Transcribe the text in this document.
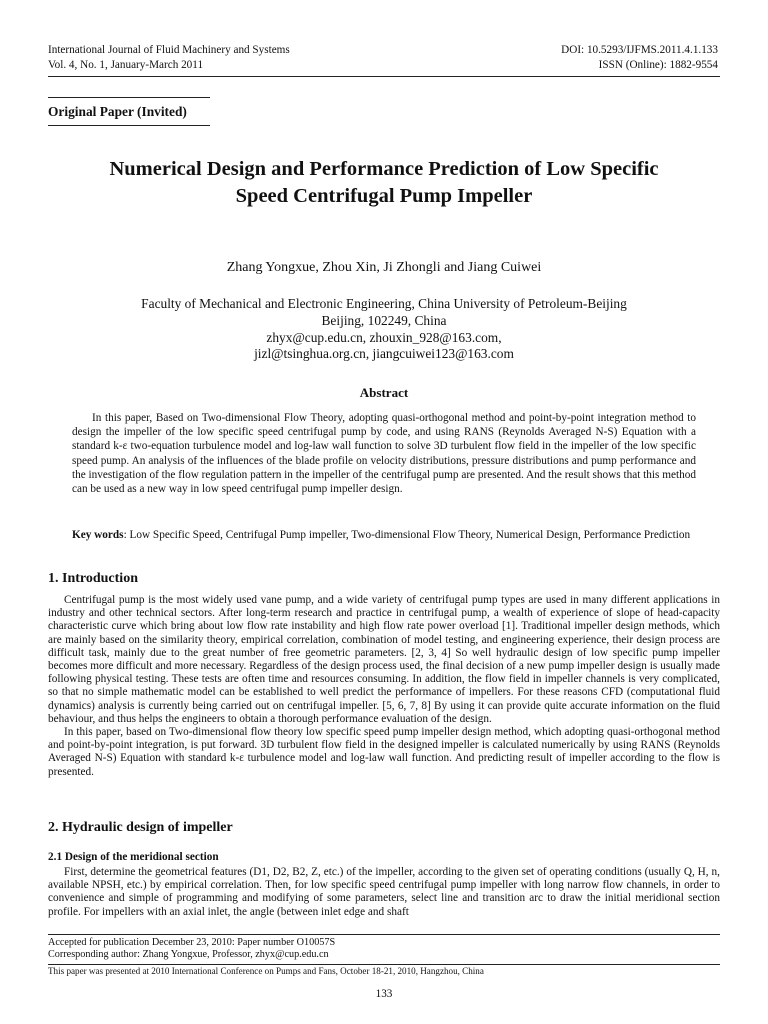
International Journal of Fluid Machinery and Systems
Vol. 4, No. 1, January-March 2011
DOI: 10.5293/IJFMS.2011.4.1.133
ISSN (Online): 1882-9554
Original Paper (Invited)
Numerical Design and Performance Prediction of Low Specific
Speed Centrifugal Pump Impeller
Zhang Yongxue, Zhou Xin, Ji Zhongli and Jiang Cuiwei
Faculty of Mechanical and Electronic Engineering, China University of Petroleum-Beijing
Beijing, 102249, China
zhyx@cup.edu.cn, zhouxin_928@163.com,
jizl@tsinghua.org.cn, jiangcuiwei123@163.com
Abstract
In this paper, Based on Two-dimensional Flow Theory, adopting quasi-orthogonal method and point-by-point integration method to design the impeller of the low specific speed centrifugal pump by code, and using RANS (Reynolds Averaged N-S) Equation with a standard k-ε two-equation turbulence model and log-law wall function to solve 3D turbulent flow field in the impeller of the low specific speed pump. An analysis of the influences of the blade profile on velocity distributions, pressure distributions and pump performance and the investigation of the flow regulation pattern in the impeller of the centrifugal pump are presented. And the result shows that this method can be used as a new way in low speed centrifugal pump impeller design.
Key words: Low Specific Speed, Centrifugal Pump impeller, Two-dimensional Flow Theory, Numerical Design, Performance Prediction
1. Introduction

Centrifugal pump is the most widely used vane pump, and a wide variety of centrifugal pump types are used in many different applications in industry and other technical sectors. After long-term research and practice in centrifugal pump, a wealth of experience of slope of head-capacity characteristic curve which bring about low flow rate instability and high flow rate power overload [1]. Traditional impeller design methods, which are mainly based on the similarity theory, empirical correlation, combination of model testing, and engineering experience, their design process are difficult task, mainly due to the great number of free geometric parameters. [2, 3, 4] So well hydraulic design of low specific pump impeller becomes more difficult and more necessary. Regardless of the design process used, the final decision of a new pump impeller design is usually made following physical testing. These tests are often time and resources consuming. In addition, the flow field in impeller channels is very complicated, so that no simple mathematic model can be established to well predict the performance of impellers. For these reasons CFD (computational fluid dynamics) analysis is currently being carried out on centrifugal impeller. [5, 6, 7, 8] By using it can provide quite accurate information on the fluid behaviour, and thus helps the engineers to obtain a thorough performance evaluation of the design.

In this paper, based on Two-dimensional flow theory low specific speed pump impeller design method, which adopting quasi-orthogonal method and point-by-point integration, is put forward. 3D turbulent flow field in the designed impeller is calculated numerically by using RANS (Reynolds Averaged N-S) Equation with standard k-ε turbulence model and log-law wall function. And predicting result of impeller according to the flow is presented.

2. Hydraulic design of impeller
2.1 Design of the meridional section

First, determine the geometrical features (D1, D2, B2, Z, etc.) of the impeller, according to the given set of operating conditions (usually Q, H, n, available NPSH, etc.) by empirical correlation. Then, for low specific speed centrifugal pump impeller with long narrow flow channels, in order to convenience and simple of programming and modifying of some parameters, select line and transition arc to draw the initial meridional section profile. For impellers with an axial inlet, the angle (between inlet edge and shaft

Accepted for publication December 23, 2010: Paper number O10057S
Corresponding author: Zhang Yongxue, Professor, zhyx@cup.edu.cn
This paper was presented at 2010 International Conference on Pumps and Fans, October 18-21, 2010, Hangzhou, China
133
